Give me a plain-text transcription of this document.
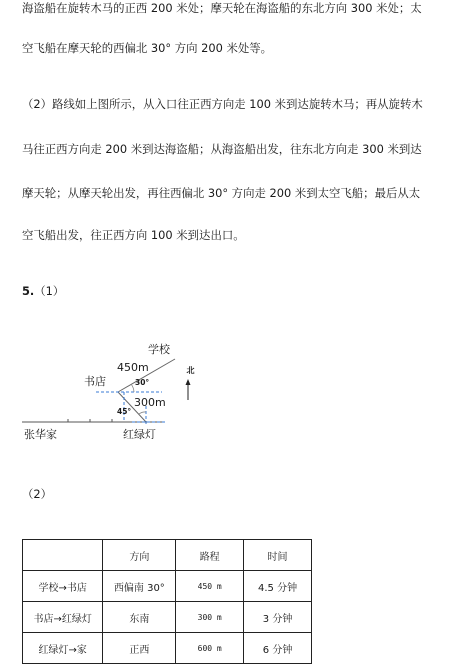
海盗船在旋转木马的正西 200 米处；摩天轮在海盗船的东北方向 300 米处；太
空飞船在摩天轮的西偏北 30° 方向 200 米处等。
（2）路线如上图所示，从入口往正西方向走 100 米到达旋转木马；再从旋转木
马往正西方向走 200 米到达海盗船；从海盗船出发，往东北方向走 300 米到达
摩天轮；从摩天轮出发，再往西偏北 30° 方向走 200 米到太空飞船；最后从太
空飞船出发，往正西方向 100 米到达出口。
5.（1）
学校
450m
书店	30°
北
300m
45°
张华家	红绿灯
（2）
	方向	路程	时间
学校→书店	西偏南 30°	450 m	4.5 分钟
书店→红绿灯	东南	300 m	3 分钟
红绿灯→家	正西	600 m	6 分钟
